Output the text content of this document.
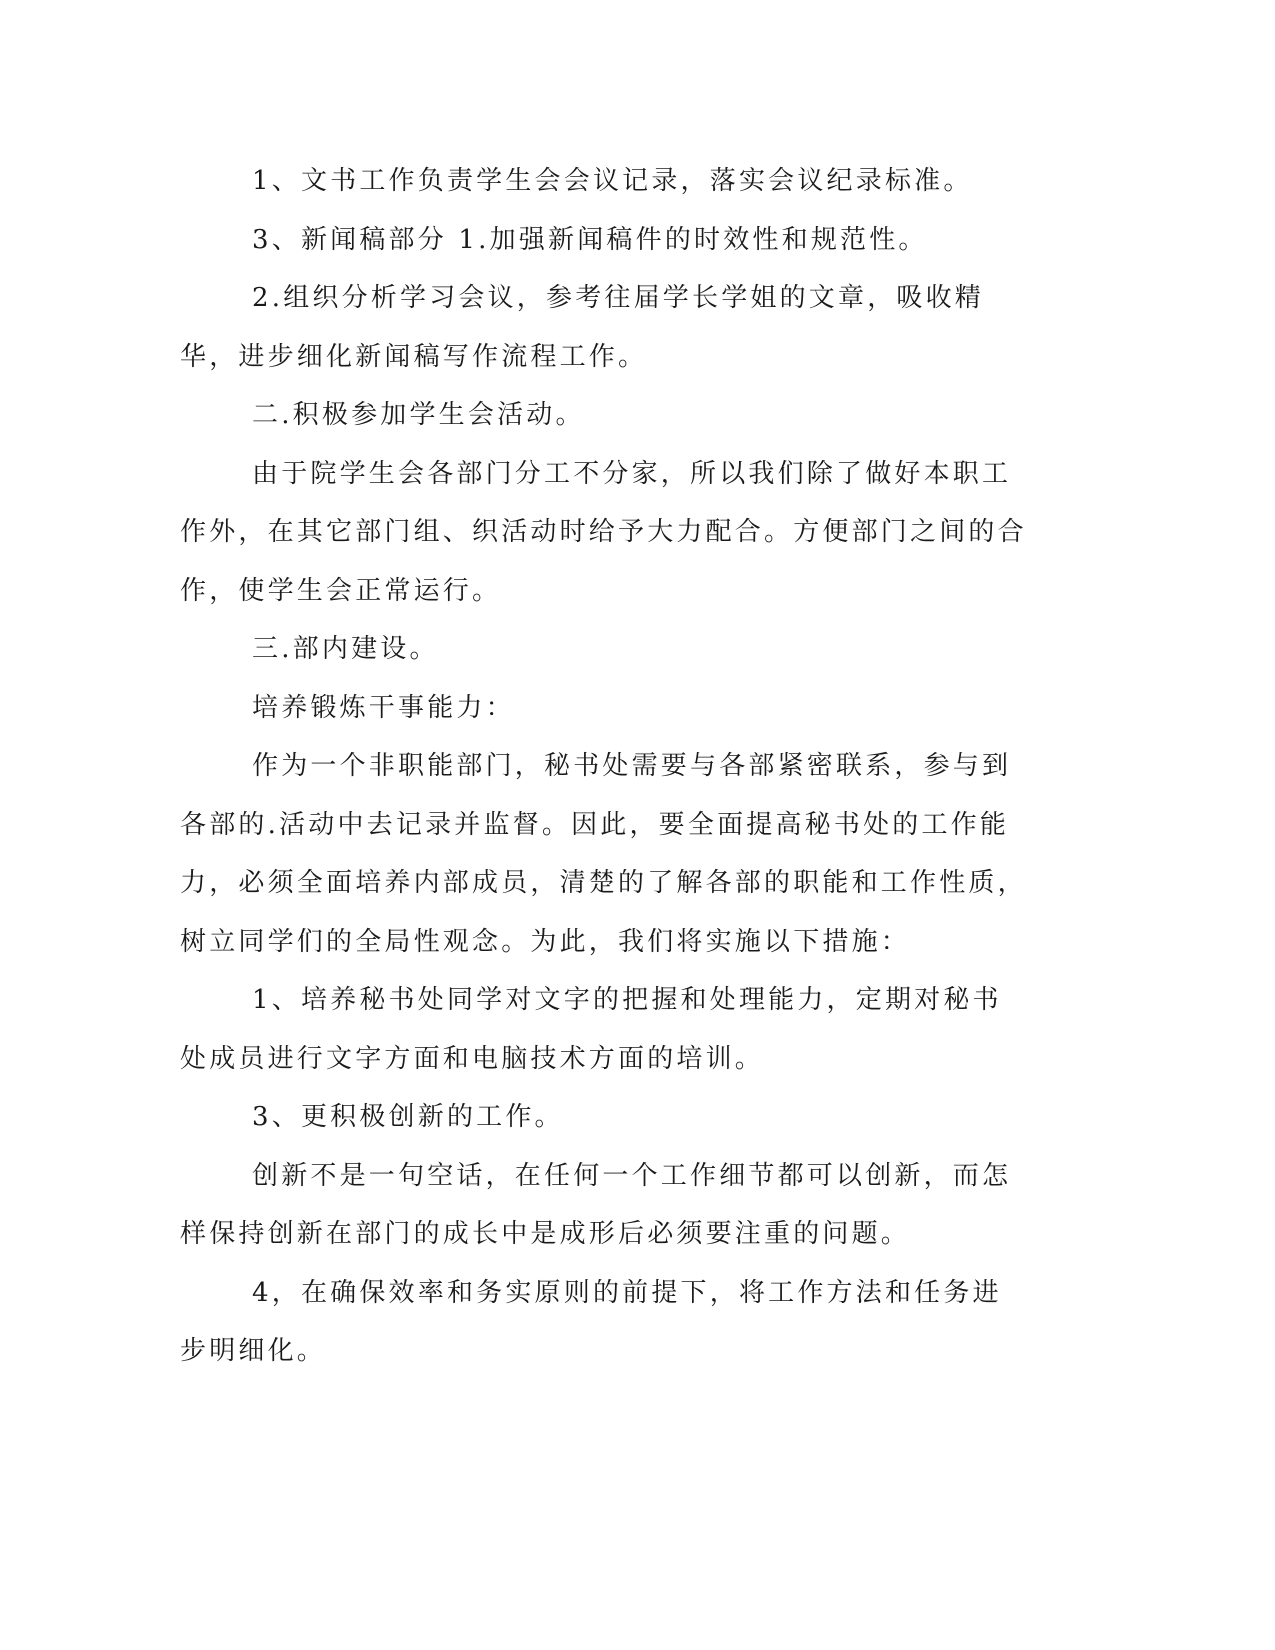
1、文书工作负责学生会会议记录，落实会议纪录标准。

3、新闻稿部分 1.加强新闻稿件的时效性和规范性。

2.组织分析学习会议，参考往届学长学姐的文章，吸收精华，进步细化新闻稿写作流程工作。

二.积极参加学生会活动。

由于院学生会各部门分工不分家，所以我们除了做好本职工作外，在其它部门组、织活动时给予大力配合。方便部门之间的合作，使学生会正常运行。

三.部内建设。

培养锻炼干事能力：

作为一个非职能部门，秘书处需要与各部紧密联系，参与到各部的.活动中去记录并监督。因此，要全面提高秘书处的工作能力，必须全面培养内部成员，清楚的了解各部的职能和工作性质，树立同学们的全局性观念。为此，我们将实施以下措施：

1、培养秘书处同学对文字的把握和处理能力，定期对秘书处成员进行文字方面和电脑技术方面的培训。

3、更积极创新的工作。

创新不是一句空话，在任何一个工作细节都可以创新，而怎样保持创新在部门的成长中是成形后必须要注重的问题。

4，在确保效率和务实原则的前提下，将工作方法和任务进步明细化。
